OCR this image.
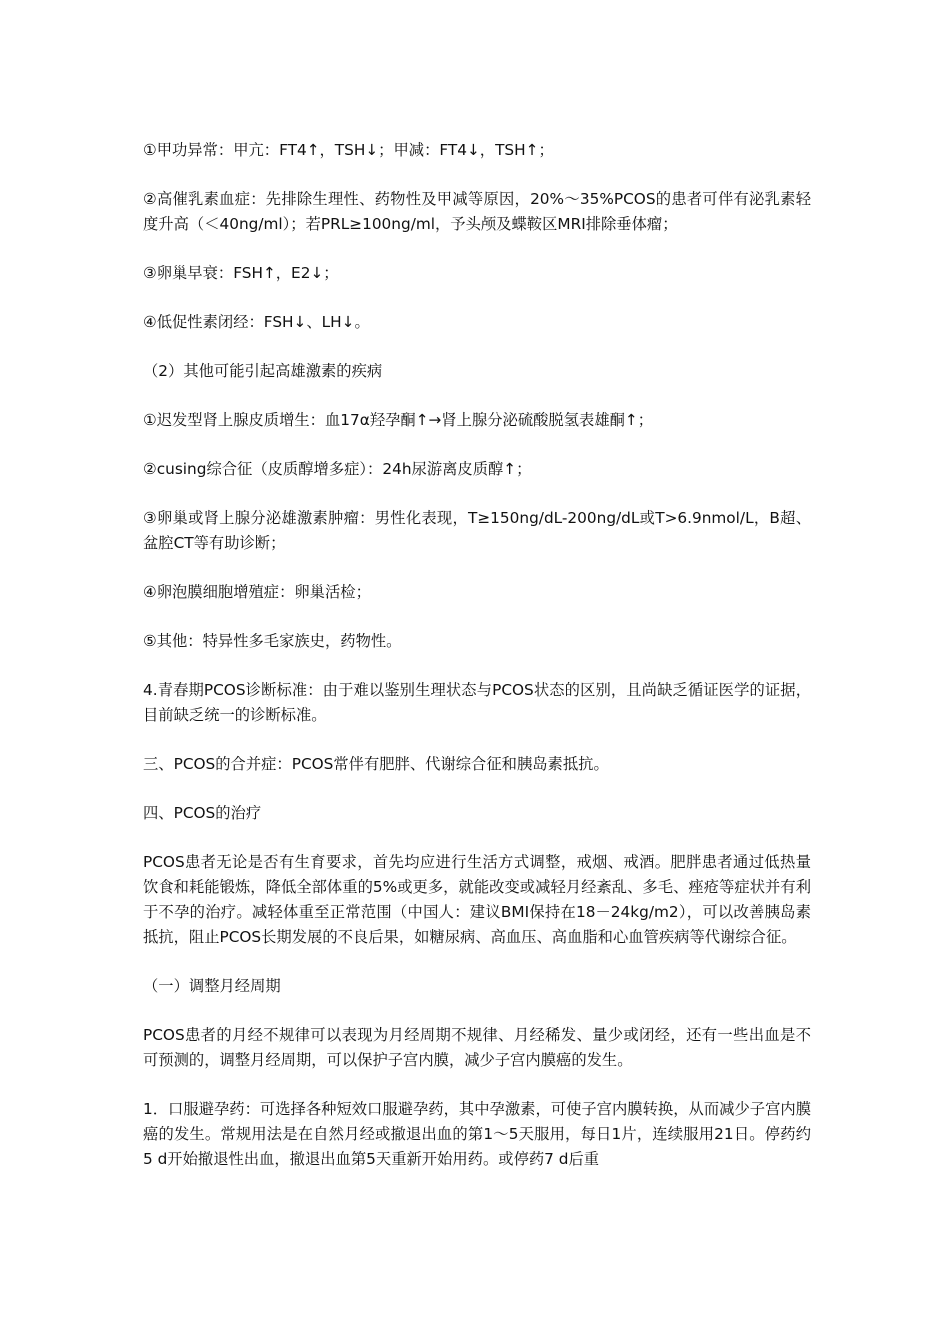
①甲功异常：甲亢：FT4↑，TSH↓；甲减：FT4↓，TSH↑；

②高催乳素血症：先排除生理性、药物性及甲减等原因，20%～35%PCOS的患者可伴有泌乳素轻度升高（＜40ng/ml）；若PRL≥100ng/ml，予头颅及蝶鞍区MRI排除垂体瘤；

③卵巢早衰：FSH↑，E2↓；

④低促性素闭经：FSH↓、LH↓。

（2）其他可能引起高雄激素的疾病

①迟发型肾上腺皮质增生：血17α羟孕酮↑→肾上腺分泌硫酸脱氢表雄酮↑；

②cusing综合征（皮质醇增多症）：24h尿游离皮质醇↑；

③卵巢或肾上腺分泌雄激素肿瘤：男性化表现，T≥150ng/dL-200ng/dL或T>6.9nmol/L，B超、盆腔CT等有助诊断；

④卵泡膜细胞增殖症：卵巢活检；

⑤其他：特异性多毛家族史，药物性。

4.青春期PCOS诊断标准：由于难以鉴别生理状态与PCOS状态的区别，且尚缺乏循证医学的证据，目前缺乏统一的诊断标准。

三、PCOS的合并症：PCOS常伴有肥胖、代谢综合征和胰岛素抵抗。

四、PCOS的治疗

PCOS患者无论是否有生育要求，首先均应进行生活方式调整，戒烟、戒酒。肥胖患者通过低热量饮食和耗能锻炼，降低全部体重的5%或更多，就能改变或减轻月经紊乱、多毛、痤疮等症状并有利于不孕的治疗。减轻体重至正常范围（中国人：建议BMI保持在18－24kg/m2），可以改善胰岛素抵抗，阻止PCOS长期发展的不良后果，如糖尿病、高血压、高血脂和心血管疾病等代谢综合征。

（一）调整月经周期

PCOS患者的月经不规律可以表现为月经周期不规律、月经稀发、量少或闭经，还有一些出血是不可预测的，调整月经周期，可以保护子宫内膜，减少子宫内膜癌的发生。

1．口服避孕药：可选择各种短效口服避孕药，其中孕激素，可使子宫内膜转换，从而减少子宫内膜癌的发生。常规用法是在自然月经或撤退出血的第1～5天服用，每日1片，连续服用21日。停药约5 d开始撤退性出血，撤退出血第5天重新开始用药。或停药7 d后重
